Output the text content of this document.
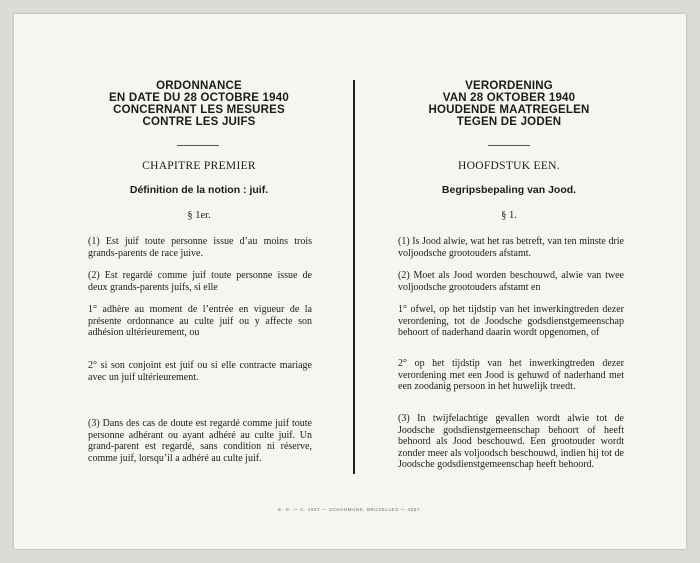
ORDONNANCE
EN DATE DU 28 OCTOBRE 1940
CONCERNANT LES MESURES
CONTRE LES JUIFS
CHAPITRE PREMIER
Définition de la notion : juif.
§ 1er.
(1) Est juif toute personne issue d’au moins trois grands-parents de race juive.
(2) Est regardé comme juif toute personne issue de deux grands-parents juifs, si elle
1° adhère au moment de l’entrée en vigueur de la présente ordonnance au culte juif ou y affecte son adhésion ultérieurement, ou
2° si son conjoint est juif ou si elle contracte mariage avec un juif ultérieurement.
(3) Dans des cas de doute est regardé comme juif toute personne adhérant ou ayant adhéré au culte juif. Un grand-parent est regardé, sans condition ni réserve, comme juif, lorsqu’il a adhéré au culte juif.
VERORDENING
VAN 28 OKTOBER 1940
HOUDENDE MAATREGELEN
TEGEN DE JODEN
HOOFDSTUK EEN.
Begripsbepaling van Jood.
§ 1.
(1) Is Jood alwie, wat het ras betreft, van ten minste drie voljoodsche grootouders afstamt.
(2) Moet als Jood worden beschouwd, alwie van twee voljoodsche grootouders afstamt en
1° ofwel, op het tijdstip van het inwerkingtreden dezer verordening, tot de Joodsche godsdienstgemeenschap behoort of naderhand daarin wordt opgenomen, of
2° op het tijdstip van het inwerkingtreden dezer verordening met een Jood is gehuwd of naderhand met een zoodanig persoon in het huwelijk treedt.
(3) In twijfelachtige gevallen wordt alwie tot de Joodsche godsdienstgemeenschap behoort of heeft behoord als Jood beschouwd. Een grootouder wordt zonder meer als voljoodsch beschouwd, indien hij tot de Joodsche godsdienstgemeenschap heeft behoord.
E. G. — C. 1927 — SCHAUMANS, BRUXELLES — 4057.
